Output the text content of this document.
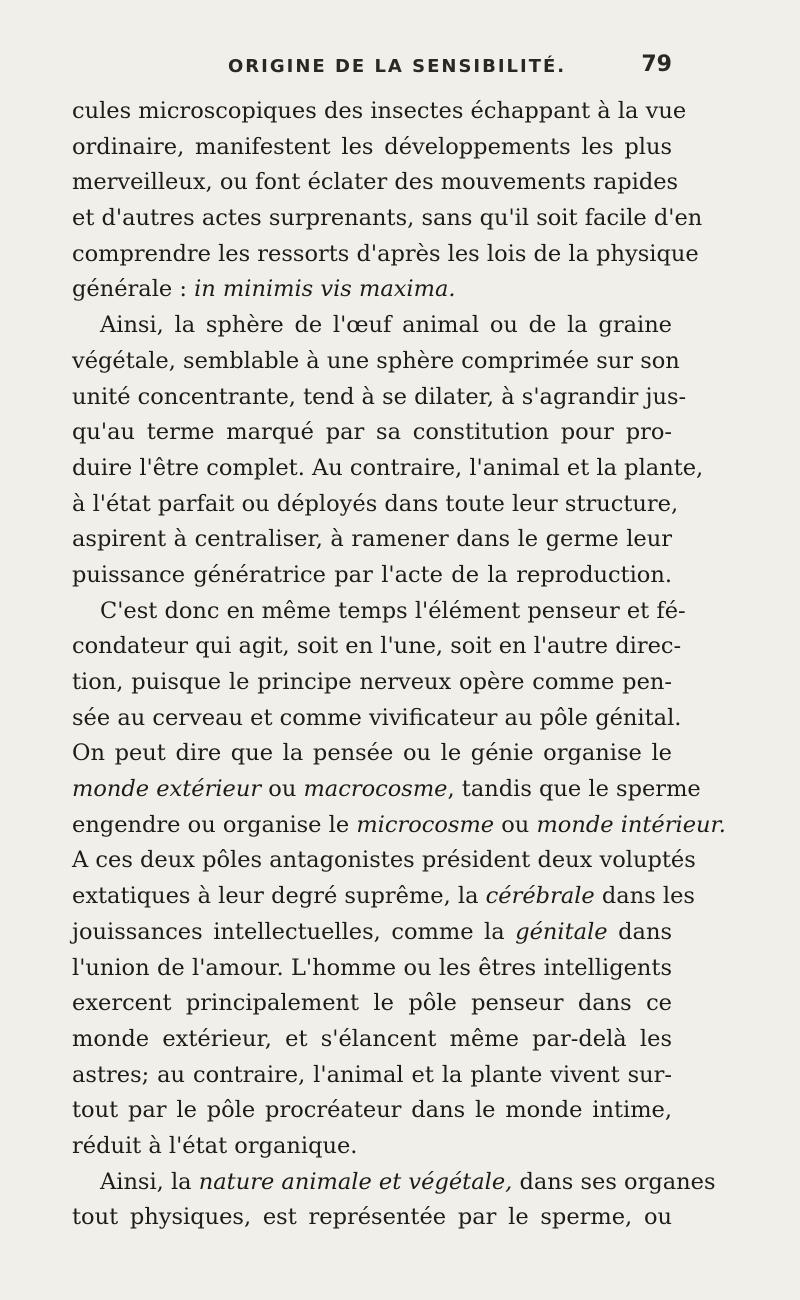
ORIGINE DE LA SENSIBILITÉ.	79
cules microscopiques des insectes échappant à la vue
ordinaire, manifestent les développements les plus
merveilleux, ou font éclater des mouvements rapides
et d'autres actes surprenants, sans qu'il soit facile d'en
comprendre les ressorts d'après les lois de la physique
générale : in minimis vis maxima.
Ainsi, la sphère de l'œuf animal ou de la graine
végétale, semblable à une sphère comprimée sur son
unité concentrante, tend à se dilater, à s'agrandir jus-
qu'au terme marqué par sa constitution pour pro-
duire l'être complet. Au contraire, l'animal et la plante,
à l'état parfait ou déployés dans toute leur structure,
aspirent à centraliser, à ramener dans le germe leur
puissance génératrice par l'acte de la reproduction.
C'est donc en même temps l'élément penseur et fé-
condateur qui agit, soit en l'une, soit en l'autre direc-
tion, puisque le principe nerveux opère comme pen-
sée au cerveau et comme vivificateur au pôle génital.
On peut dire que la pensée ou le génie organise le
monde extérieur ou macrocosme, tandis que le sperme
engendre ou organise le microcosme ou monde intérieur.
A ces deux pôles antagonistes président deux voluptés
extatiques à leur degré suprême, la cérébrale dans les
jouissances intellectuelles, comme la génitale dans
l'union de l'amour. L'homme ou les êtres intelligents
exercent principalement le pôle penseur dans ce
monde extérieur, et s'élancent même par-delà les
astres; au contraire, l'animal et la plante vivent sur-
tout par le pôle procréateur dans le monde intime,
réduit à l'état organique.
Ainsi, la nature animale et végétale, dans ses organes
tout physiques, est représentée par le sperme, ou
